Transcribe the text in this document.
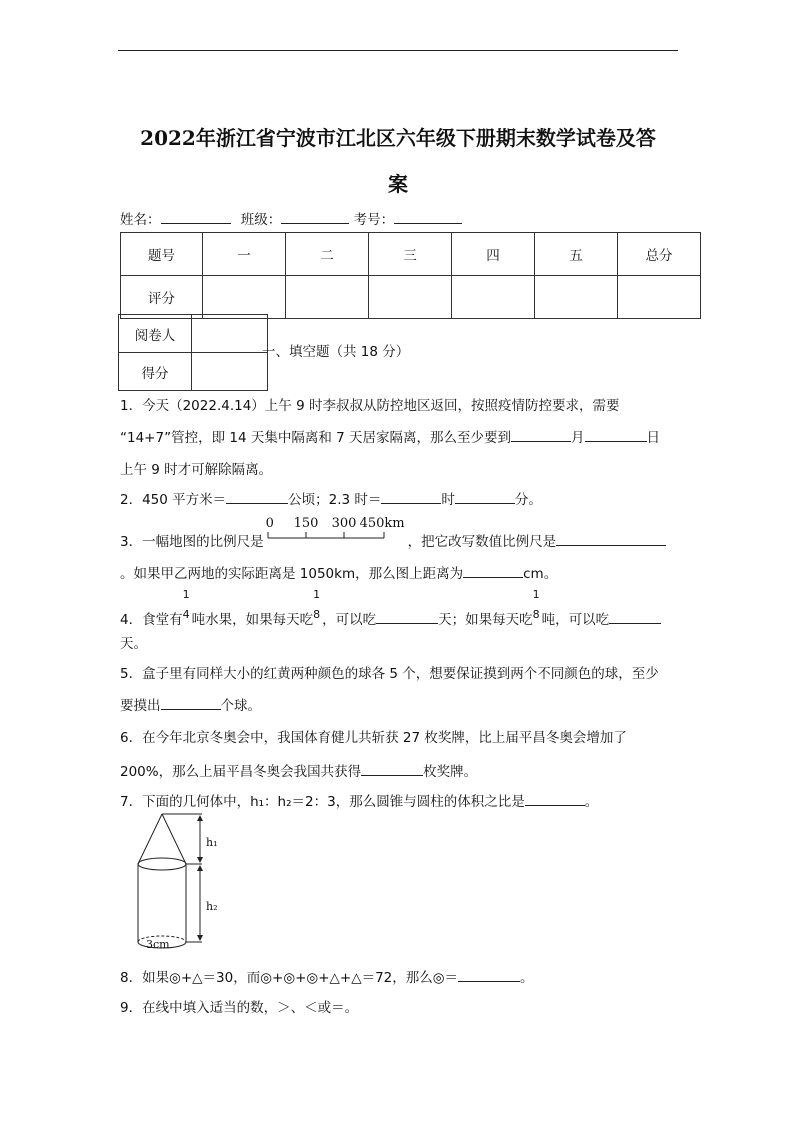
2022年浙江省宁波市江北区六年级下册期末数学试卷及答
案
姓名：	班级：	考号：
题号	一	二	三	四	五	总分
评分						
阅卷人	
得分	
一、填空题（共 18 分）
1．今天（2022.4.14）上午 9 时李叔叔从防控地区返回，按照疫情防控要求，需要
“14+7”管控，即 14 天集中隔离和 7 天居家隔离，那么至少要到	月	日
上午 9 时才可解除隔离。
2．450 平方米＝	公顷；2.3 时＝	时	分。
3．一幅地图的比例尺是
0 150 300 450km
，把它改写数值比例尺是
。如果甲乙两地的实际距离是 1050km，那么图上距离为	cm。
4．食堂有
1
4 吨水果，如果每天吃
1
8 ，可以吃	天；如果每天吃
1
8 吨，可以吃
天。
5．盒子里有同样大小的红黄两种颜色的球各 5 个，想要保证摸到两个不同颜色的球，至少
要摸出	个球。
6．在今年北京冬奥会中，我国体育健儿共斩获 27 枚奖牌，比上届平昌冬奥会增加了
200%，那么上届平昌冬奥会我国共获得	枚奖牌。
7．下面的几何体中，h₁：h₂＝2：3，那么圆锥与圆柱的体积之比是	。
h₁
h₂
3cm
8．如果◎+△＝30，而◎+◎+◎+△+△＝72，那么◎＝	。
9．在线中填入适当的数，＞、＜或＝。
